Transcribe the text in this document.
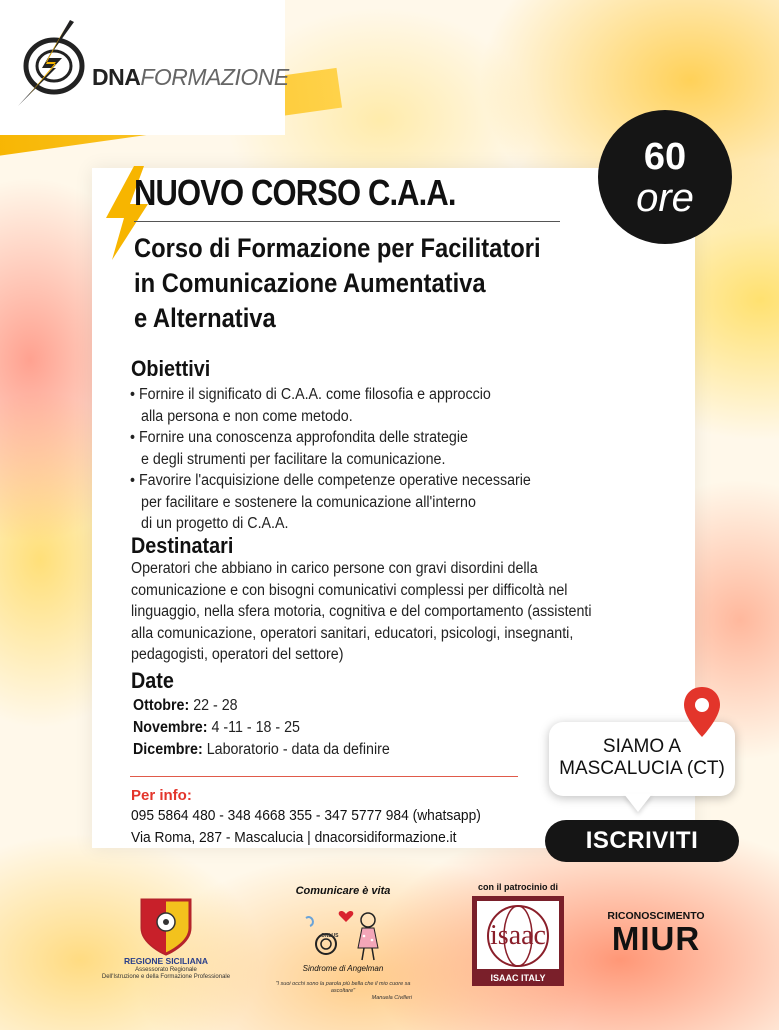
DNAFORMAZIONE
NUOVO CORSO C.A.A.
Corso di Formazione per Facilitatori
in Comunicazione Aumentativa
e Alternativa
60
ore
Obiettivi
• Fornire il significato di C.A.A. come filosofia e approccio
alla persona e non come metodo.
• Fornire una conoscenza approfondita delle strategie
e degli strumenti per facilitare la comunicazione.
• Favorire l'acquisizione delle competenze operative necessarie
per facilitare e sostenere la comunicazione all'interno
di un progetto di C.A.A.
Destinatari
Operatori che abbiano in carico persone con gravi disordini della
comunicazione e con bisogni comunicativi complessi per difficoltà nel
linguaggio, nella sfera motoria, cognitiva e del comportamento (assistenti
alla comunicazione, operatori sanitari, educatori, psicologi, insegnanti,
pedagogisti, operatori del settore)
Date
Ottobre: 22 - 28
Novembre: 4 -11 - 18 - 25
Dicembre: Laboratorio - data da definire
Per info:
095 5864 480 - 348 4668 355 - 347 5777 984 (whatsapp)
Via Roma, 287 - Mascalucia | dnacorsidiformazione.it
SIAMO A
MASCALUCIA (CT)
ISCRIVITI
REGIONE SICILIANA
Assessorato Regionale
Dell'Istruzione e della Formazione Professionale
Comunicare è vita
ONLUS
Sindrome di Angelman
"I suoi occhi sono la parola più bella che il mio cuore sa ascoltare"
Manuela Civilleri
con il patrocinio di
isaac
ISAAC ITALY
RICONOSCIMENTO
MIUR
